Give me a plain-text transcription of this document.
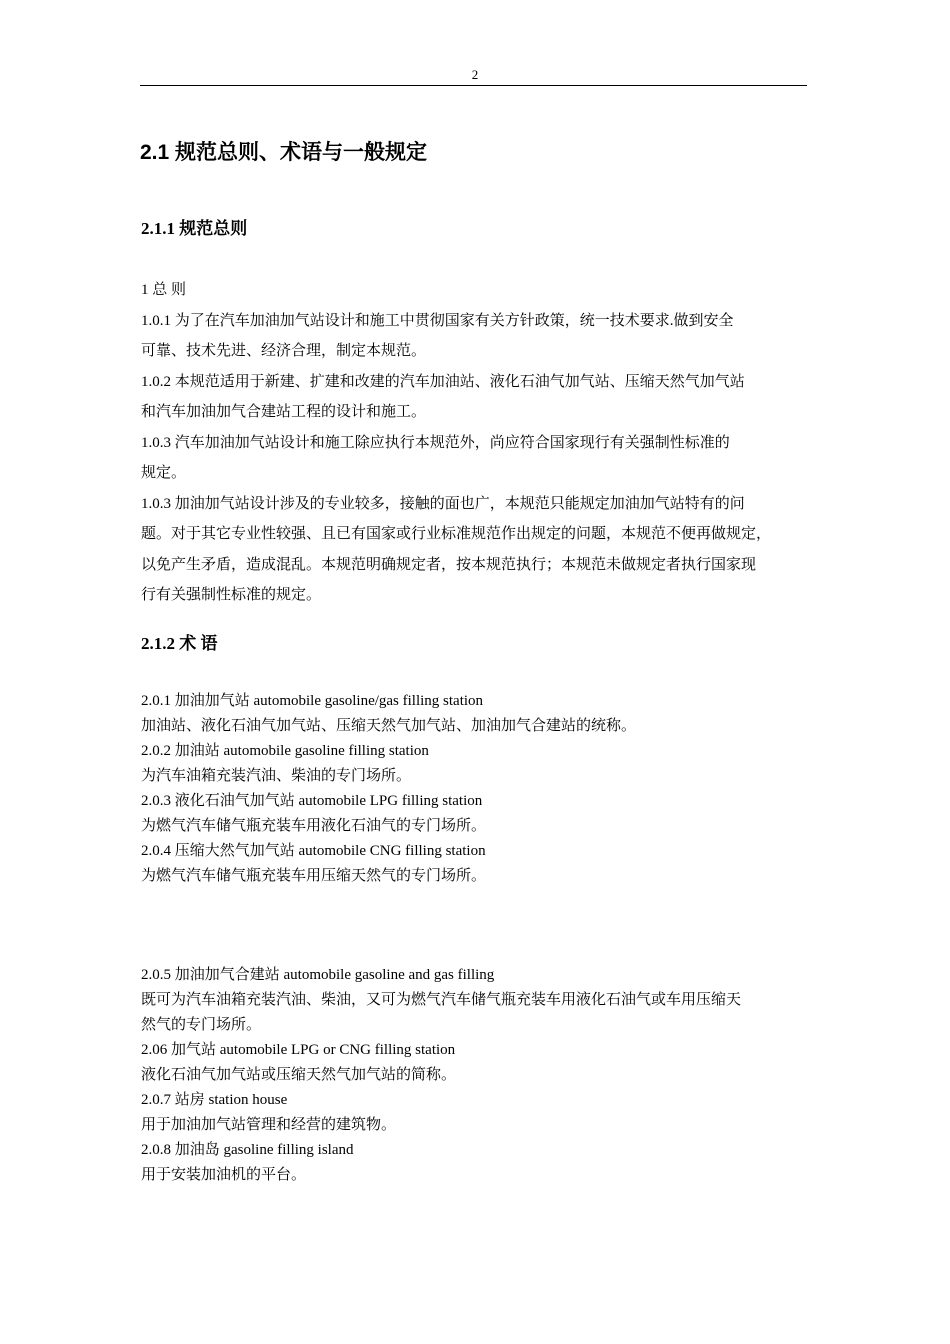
2
2.1 规范总则、术语与一般规定
2.1.1 规范总则
1 总 则
1.0.1 为了在汽车加油加气站设计和施工中贯彻国家有关方针政策，统一技术要求.做到安全
可靠、技术先进、经济合理，制定本规范。
1.0.2 本规范适用于新建、扩建和改建的汽车加油站、液化石油气加气站、压缩天然气加气站
和汽车加油加气合建站工程的设计和施工。
1.0.3 汽车加油加气站设计和施工除应执行本规范外，尚应符合国家现行有关强制性标准的
规定。
1.0.3 加油加气站设计涉及的专业较多，接触的面也广，本规范只能规定加油加气站特有的问
题。对于其它专业性较强、且已有国家或行业标准规范作出规定的问题，本规范不便再做规定，
以免产生矛盾，造成混乱。本规范明确规定者，按本规范执行；本规范未做规定者执行国家现
行有关强制性标准的规定。
2.1.2 术 语
2.0.1 加油加气站 automobile gasoline/gas filling station
加油站、液化石油气加气站、压缩天然气加气站、加油加气合建站的统称。
2.0.2 加油站 automobile gasoline filling station
为汽车油箱充装汽油、柴油的专门场所。
2.0.3 液化石油气加气站 automobile LPG filling station
为燃气汽车储气瓶充装车用液化石油气的专门场所。
2.0.4 压缩大然气加气站 automobile CNG filling station
为燃气汽车储气瓶充装车用压缩天然气的专门场所。
2.0.5 加油加气合建站 automobile gasoline and gas filling
既可为汽车油箱充装汽油、柴油，又可为燃气汽车储气瓶充装车用液化石油气或车用压缩天
然气的专门场所。
2.06 加气站 automobile LPG or CNG filling station
液化石油气加气站或压缩天然气加气站的简称。
2.0.7 站房 station house
用于加油加气站管理和经营的建筑物。
2.0.8 加油岛 gasoline filling island
用于安装加油机的平台。
